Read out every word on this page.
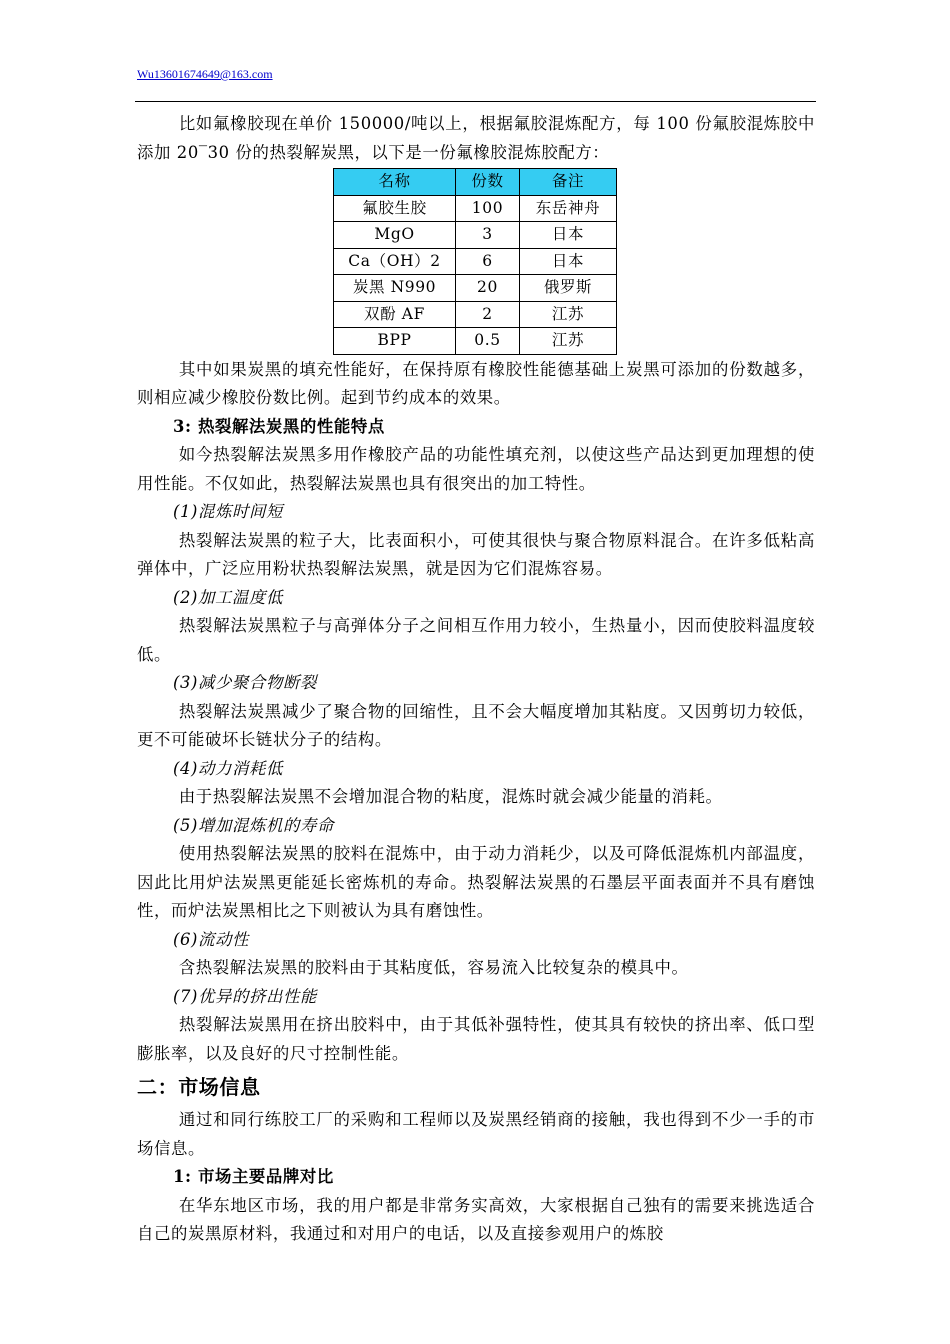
Wu13601674649@163.com

比如氟橡胶现在单价 150000/吨以上，根据氟胶混炼配方，每 100 份氟胶混炼胶中添加 20‾30 份的热裂解炭黑，以下是一份氟橡胶混炼胶配方：

名称	份数	备注
氟胶生胶	100	东岳神舟
MgO	3	日本
Ca（OH）2	6	日本
炭黑 N990	20	俄罗斯
双酚 AF	2	江苏
BPP	0.5	江苏

其中如果炭黑的填充性能好，在保持原有橡胶性能德基础上炭黑可添加的份数越多，则相应减少橡胶份数比例。起到节约成本的效果。

3: 热裂解法炭黑的性能特点

如今热裂解法炭黑多用作橡胶产品的功能性填充剂，以使这些产品达到更加理想的使用性能。不仅如此，热裂解法炭黑也具有很突出的加工特性。

(1)混炼时间短

热裂解法炭黑的粒子大，比表面积小，可使其很快与聚合物原料混合。在许多低粘高弹体中，广泛应用粉状热裂解法炭黑，就是因为它们混炼容易。

(2)加工温度低

热裂解法炭黑粒子与高弹体分子之间相互作用力较小，生热量小，因而使胶料温度较低。

(3)减少聚合物断裂

热裂解法炭黑减少了聚合物的回缩性，且不会大幅度增加其粘度。又因剪切力较低，更不可能破坏长链状分子的结构。

(4)动力消耗低

由于热裂解法炭黑不会增加混合物的粘度，混炼时就会减少能量的消耗。

(5)增加混炼机的寿命

使用热裂解法炭黑的胶料在混炼中，由于动力消耗少，以及可降低混炼机内部温度，因此比用炉法炭黑更能延长密炼机的寿命。热裂解法炭黑的石墨层平面表面并不具有磨蚀性，而炉法炭黑相比之下则被认为具有磨蚀性。

(6)流动性

含热裂解法炭黑的胶料由于其粘度低，容易流入比较复杂的模具中。

(7)优异的挤出性能

热裂解法炭黑用在挤出胶料中，由于其低补强特性，使其具有较快的挤出率、低口型膨胀率，以及良好的尺寸控制性能。

二：市场信息

通过和同行练胶工厂的采购和工程师以及炭黑经销商的接触，我也得到不少一手的市场信息。

1: 市场主要品牌对比

在华东地区市场，我的用户都是非常务实高效，大家根据自己独有的需要来挑选适合自己的炭黑原材料，我通过和对用户的电话，以及直接参观用户的炼胶
